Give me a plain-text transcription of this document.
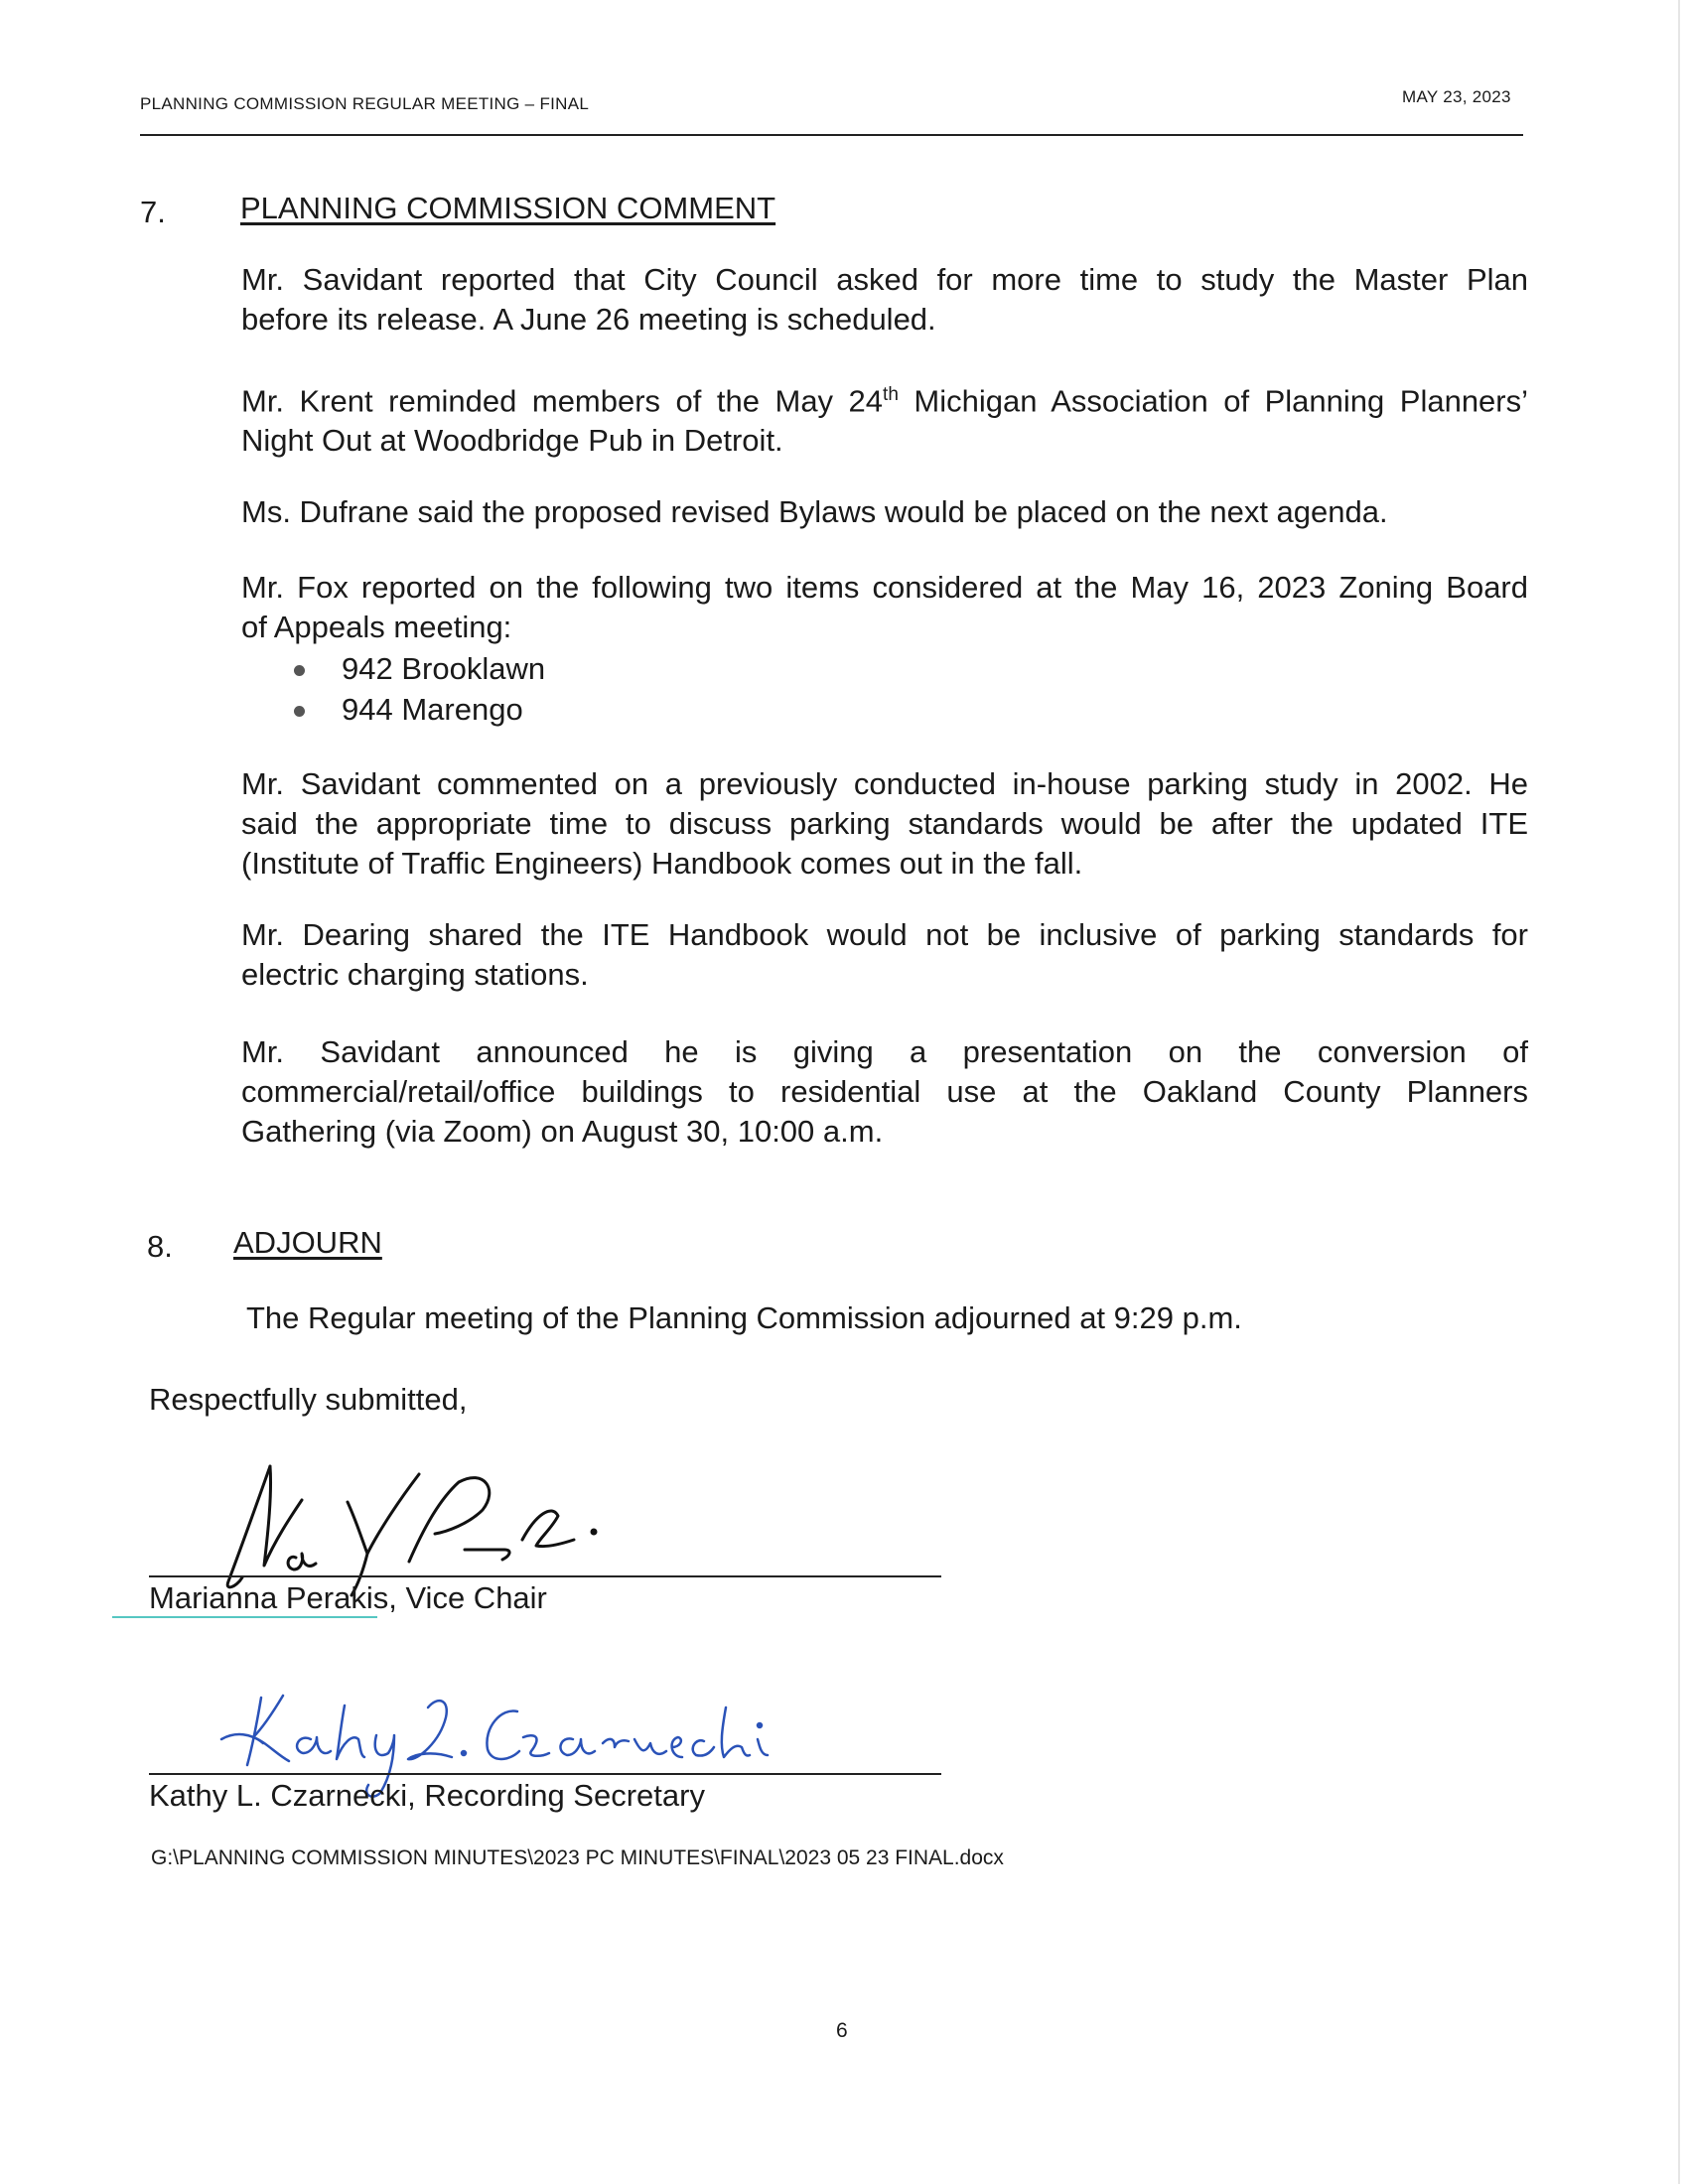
PLANNING COMMISSION REGULAR MEETING – FINAL	MAY 23, 2023
7. PLANNING COMMISSION COMMENT
Mr. Savidant reported that City Council asked for more time to study the Master Plan
before its release. A June 26 meeting is scheduled.
Mr. Krent reminded members of the May 24th Michigan Association of Planning Planners’
Night Out at Woodbridge Pub in Detroit.
Ms. Dufrane said the proposed revised Bylaws would be placed on the next agenda.
Mr. Fox reported on the following two items considered at the May 16, 2023 Zoning Board
of Appeals meeting:
942 Brooklawn
944 Marengo
Mr. Savidant commented on a previously conducted in-house parking study in 2002. He
said the appropriate time to discuss parking standards would be after the updated ITE
(Institute of Traffic Engineers) Handbook comes out in the fall.
Mr. Dearing shared the ITE Handbook would not be inclusive of parking standards for
electric charging stations.
Mr. Savidant announced he is giving a presentation on the conversion of
commercial/retail/office buildings to residential use at the Oakland County Planners
Gathering (via Zoom) on August 30, 10:00 a.m.
8. ADJOURN
The Regular meeting of the Planning Commission adjourned at 9:29 p.m.
Respectfully submitted,
Marianna Perakis, Vice Chair
Kathy L. Czarnecki, Recording Secretary
G:\PLANNING COMMISSION MINUTES\2023 PC MINUTES\FINAL\2023 05 23 FINAL.docx
6
